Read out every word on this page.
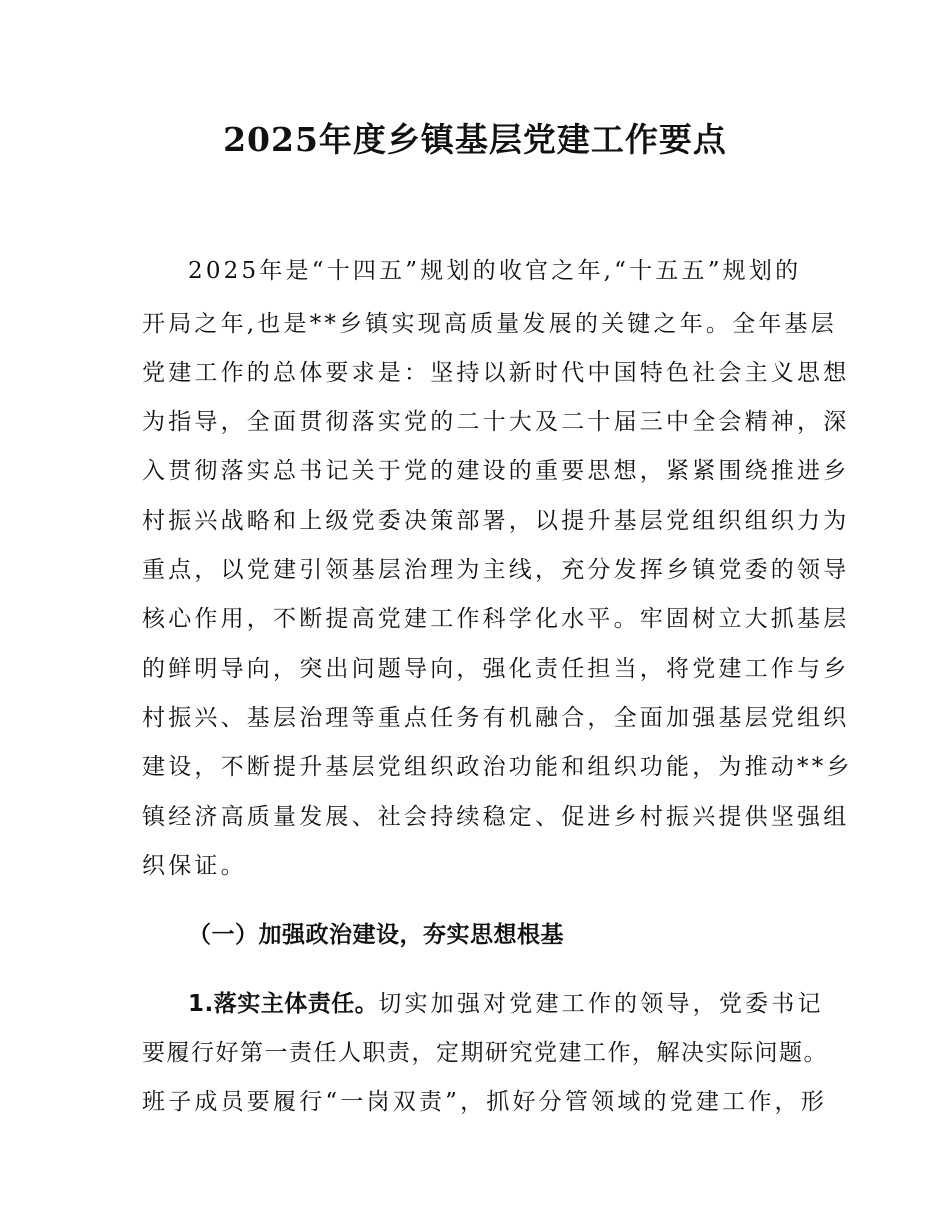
2025年度乡镇基层党建工作要点
2025年是“十四五”规划的收官之年,“十五五”规划的
开局之年,也是**乡镇实现高质量发展的关键之年。全年基层
党建工作的总体要求是：坚持以新时代中国特色社会主义思想
为指导，全面贯彻落实党的二十大及二十届三中全会精神，深
入贯彻落实总书记关于党的建设的重要思想，紧紧围绕推进乡
村振兴战略和上级党委决策部署，以提升基层党组织组织力为
重点，以党建引领基层治理为主线，充分发挥乡镇党委的领导
核心作用，不断提高党建工作科学化水平。牢固树立大抓基层
的鲜明导向，突出问题导向，强化责任担当，将党建工作与乡
村振兴、基层治理等重点任务有机融合，全面加强基层党组织
建设，不断提升基层党组织政治功能和组织功能，为推动**乡
镇经济高质量发展、社会持续稳定、促进乡村振兴提供坚强组
织保证。
（一）加强政治建设，夯实思想根基
1.落实主体责任。切实加强对党建工作的领导，党委书记
要履行好第一责任人职责，定期研究党建工作，解决实际问题。
班子成员要履行“一岗双责”，抓好分管领域的党建工作，形
